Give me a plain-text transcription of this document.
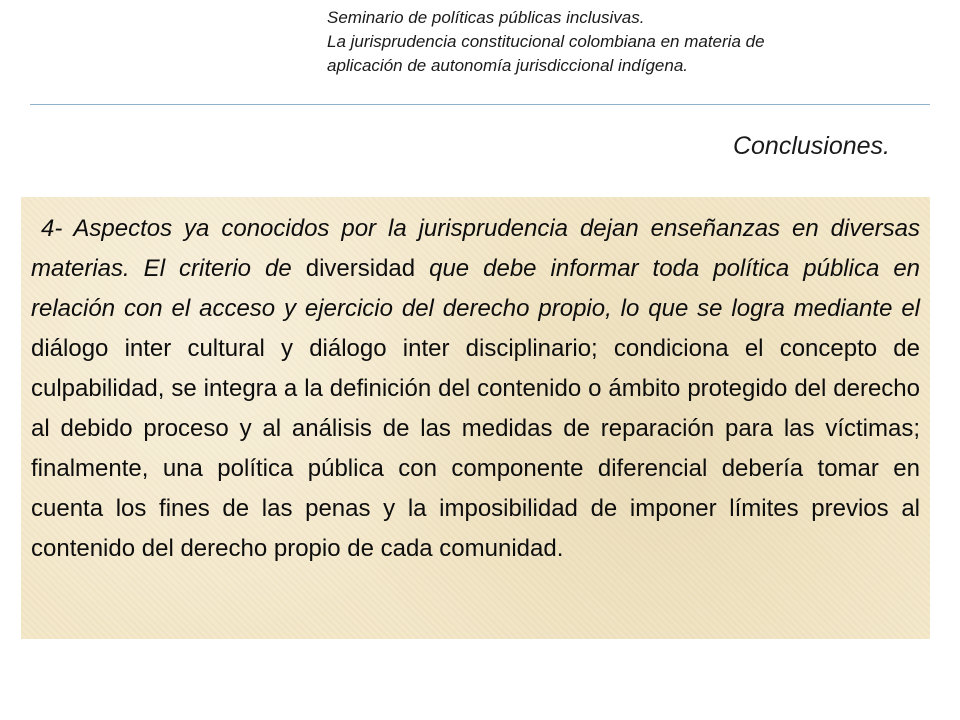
Seminario de políticas públicas inclusivas.
La jurisprudencia constitucional colombiana en materia de
aplicación de autonomía jurisdiccional indígena.
Conclusiones.

4- Aspectos ya conocidos por la jurisprudencia dejan enseñanzas en diversas materias. El criterio de diversidad que debe informar toda política pública en relación con el acceso y ejercicio del derecho propio, lo que se logra mediante el diálogo inter cultural y diálogo inter disciplinario; condiciona el concepto de culpabilidad, se integra a la definición del contenido o ámbito protegido del derecho al debido proceso y al análisis de las medidas de reparación para las víctimas; finalmente, una política pública con componente diferencial debería tomar en cuenta los fines de las penas y la imposibilidad de imponer límites previos al contenido del derecho propio de cada comunidad.
